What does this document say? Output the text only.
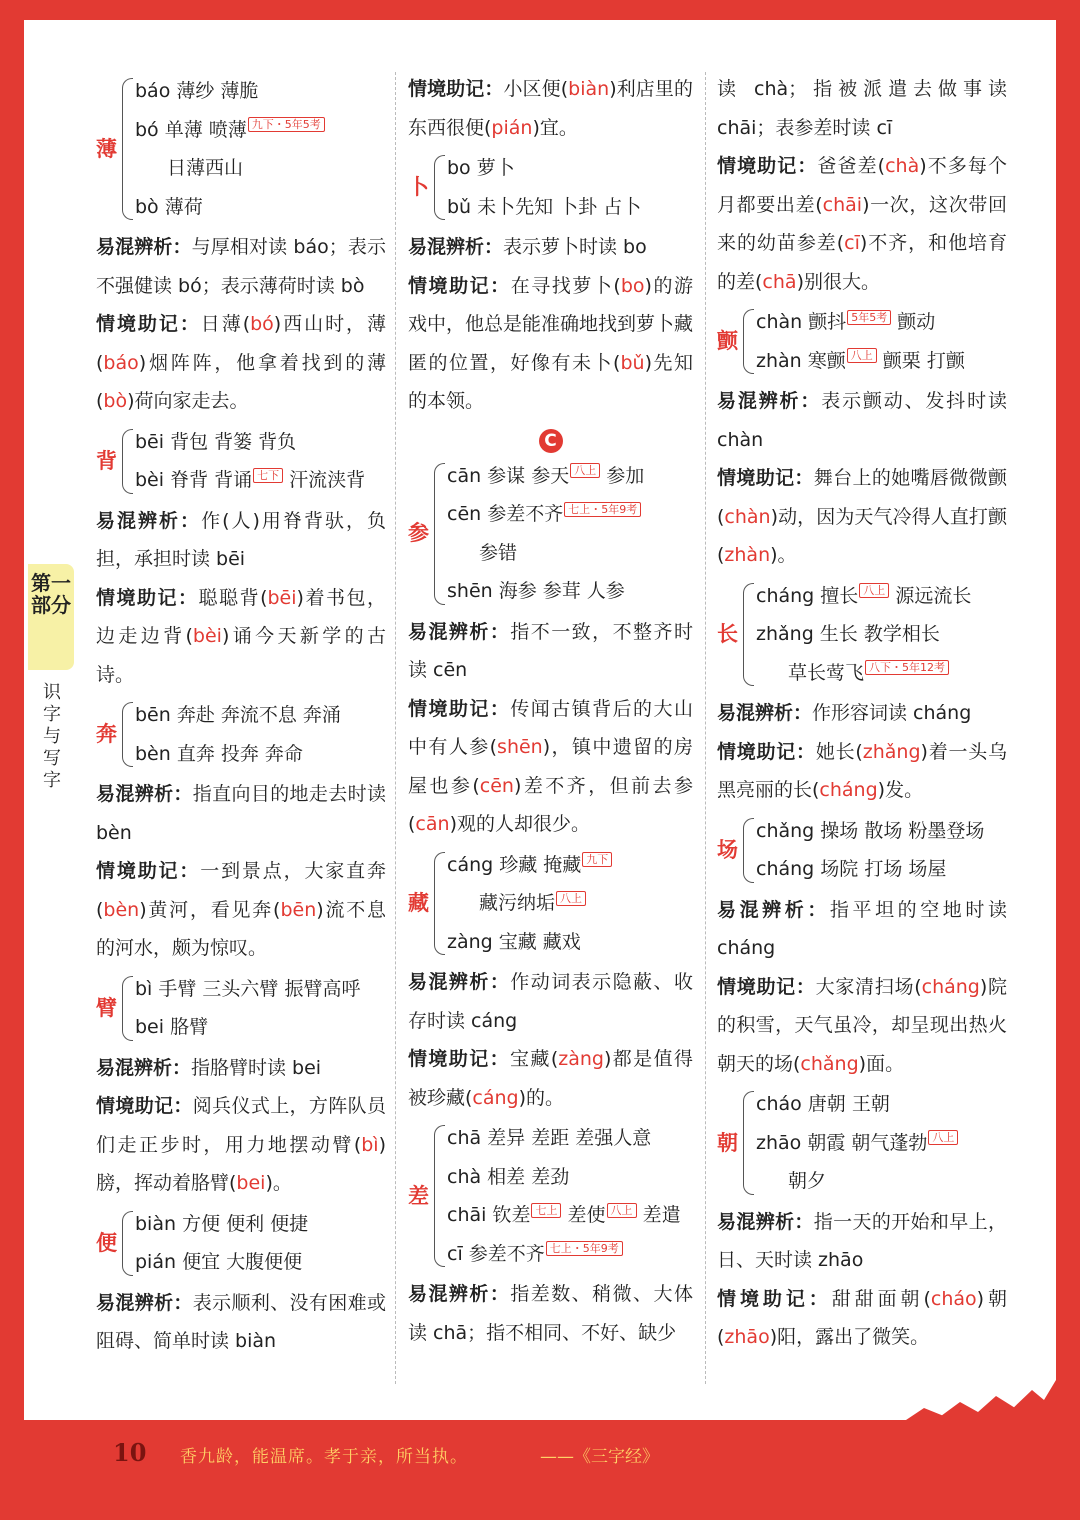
第一部分
识字与写字
薄
báo 薄纱 薄脆
bó 单薄 喷薄 九下・5年5考
日薄西山
bò 薄荷
易混辨析：与厚相对读 báo；表示不强健读 bó；表示薄荷时读 bò
情境助记：日薄(bó)西山时，薄(báo)烟阵阵，他拿着找到的薄(bò)荷向家走去。
背
bēi 背包 背篓 背负
bèi 脊背 背诵 七下 汗流浃背
易混辨析：作(人)用脊背驮，负担，承担时读 bēi
情境助记：聪聪背(bēi)着书包，边走边背(bèi)诵今天新学的古诗。
奔
bēn 奔赴 奔流不息 奔涌
bèn 直奔 投奔 奔命
易混辨析：指直向目的地走去时读 bèn
情境助记：一到景点，大家直奔(bèn)黄河，看见奔(bēn)流不息的河水，颇为惊叹。
臂
bì 手臂 三头六臂 振臂高呼
bei 胳臂
易混辨析：指胳臂时读 bei
情境助记：阅兵仪式上，方阵队员们走正步时，用力地摆动臂(bì)膀，挥动着胳臂(bei)。
便
biàn 方便 便利 便捷
pián 便宜 大腹便便
易混辨析：表示顺利、没有困难或阻碍、简单时读 biàn
情境助记：小区便(biàn)利店里的东西很便(pián)宜。
卜
bo 萝卜
bǔ 未卜先知 卜卦 占卜
易混辨析：表示萝卜时读 bo
情境助记：在寻找萝卜(bo)的游戏中，他总是能准确地找到萝卜藏匿的位置，好像有未卜(bǔ)先知的本领。
C
参
cān 参谋 参天 八上 参加
cēn 参差不齐 七上・5年9考
参错
shēn 海参 参茸 人参
易混辨析：指不一致，不整齐时读 cēn
情境助记：传闻古镇背后的大山中有人参(shēn)，镇中遗留的房屋也参(cēn)差不齐，但前去参(cān)观的人却很少。
藏
cáng 珍藏 掩藏 九下
藏污纳垢 八上
zàng 宝藏 藏戏
易混辨析：作动词表示隐蔽、收存时读 cáng
情境助记：宝藏(zàng)都是值得被珍藏(cáng)的。
差
chā 差异 差距 差强人意
chà 相差 差劲
chāi 钦差 七上 差使 八上 差遣
cī 参差不齐 七上・5年9考
易混辨析：指差数、稍微、大体读 chā；指不相同、不好、缺少
读 chà；指被派遣去做事读 chāi；表参差时读 cī
情境助记：爸爸差(chà)不多每个月都要出差(chāi)一次，这次带回来的幼苗参差(cī)不齐，和他培育的差(chā)别很大。
颤
chàn 颤抖 5年5考 颤动
zhàn 寒颤 八上 颤栗 打颤
易混辨析：表示颤动、发抖时读 chàn
情境助记：舞台上的她嘴唇微微颤(chàn)动，因为天气冷得人直打颤(zhàn)。
长
cháng 擅长 八上 源远流长
zhǎng 生长 教学相长
草长莺飞 八下・5年12考
易混辨析：作形容词读 cháng
情境助记：她长(zhǎng)着一头乌黑亮丽的长(cháng)发。
场
chǎng 操场 散场 粉墨登场
cháng 场院 打场 场屋
易混辨析：指平坦的空地时读 cháng
情境助记：大家清扫场(cháng)院的积雪，天气虽冷，却呈现出热火朝天的场(chǎng)面。
朝
cháo 唐朝 王朝
zhāo 朝霞 朝气蓬勃 八上
朝夕
易混辨析：指一天的开始和早上，日、天时读 zhāo
情境助记：甜甜面朝(cháo)朝(zhāo)阳，露出了微笑。
10 香九龄，能温席。孝于亲，所当执。	——《三字经》
